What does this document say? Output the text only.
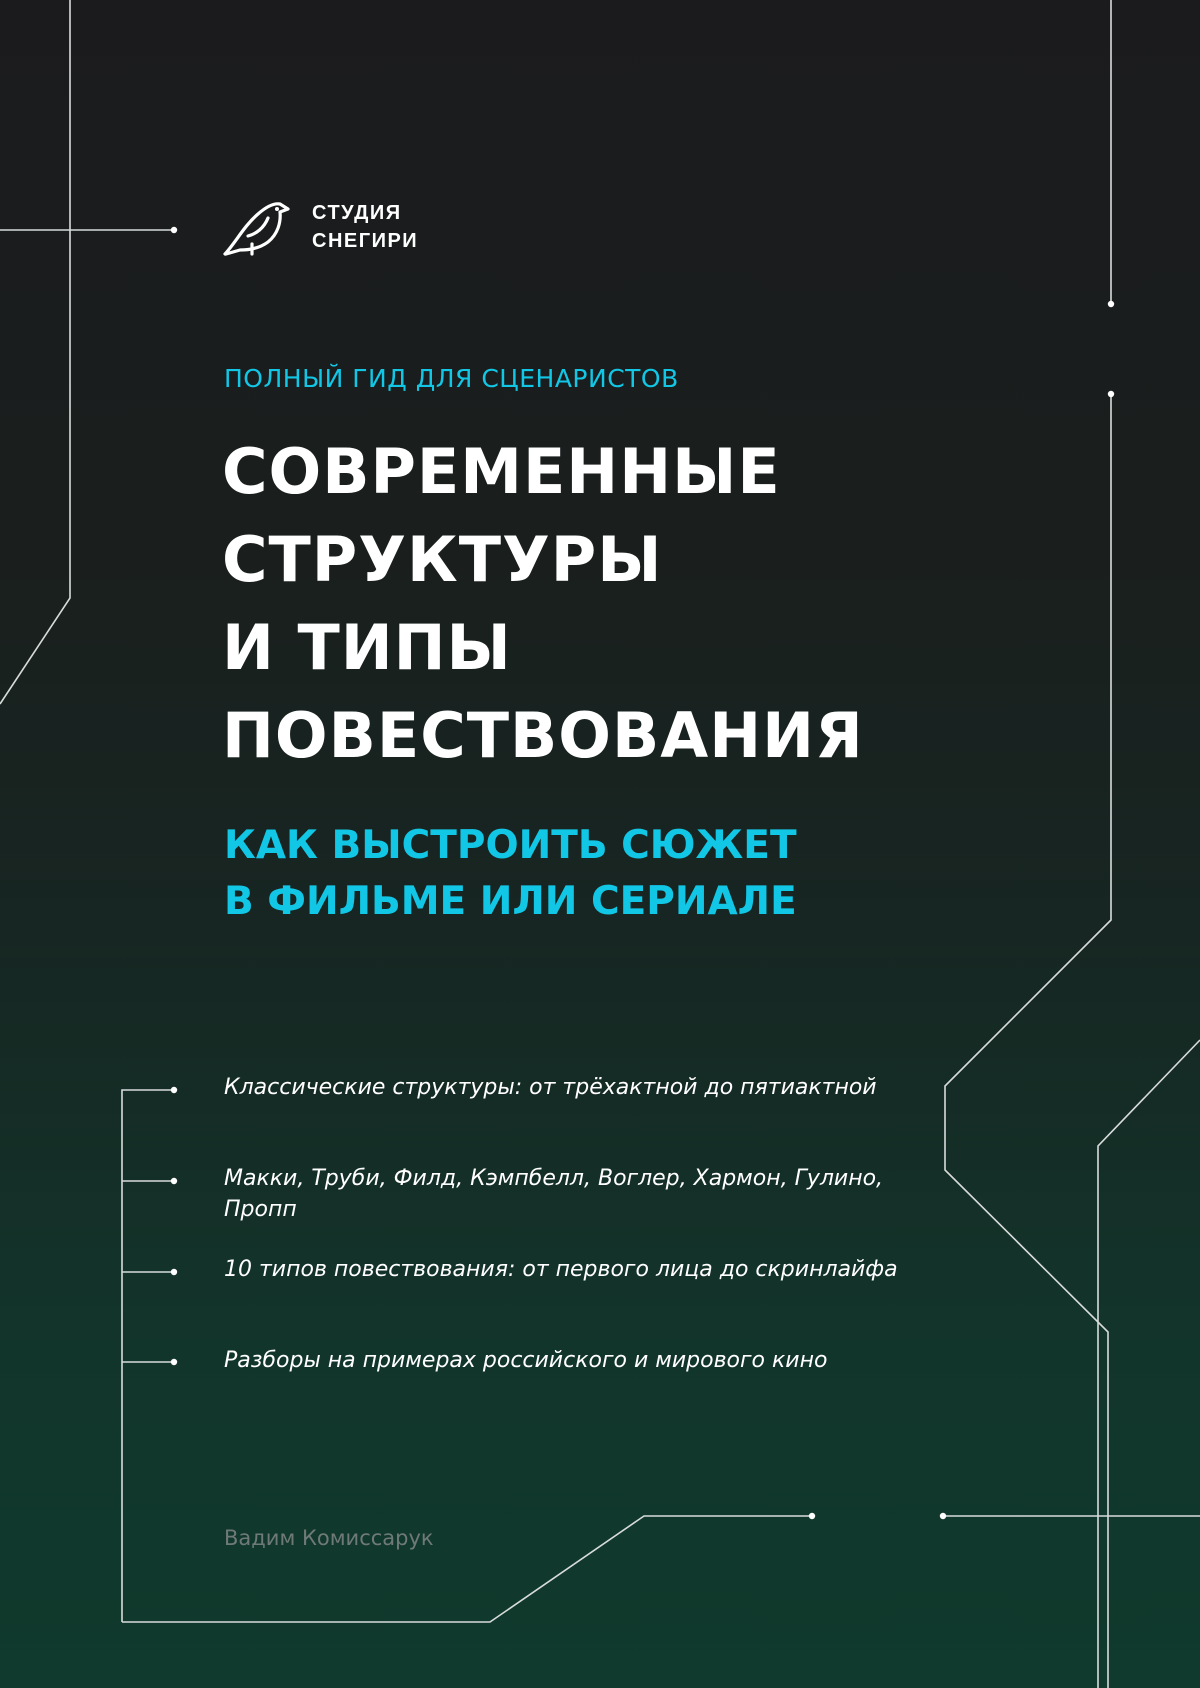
СТУДИЯ
СНЕГИРИ
ПОЛНЫЙ ГИД ДЛЯ СЦЕНАРИСТОВ
СОВРЕМЕННЫЕ
СТРУКТУРЫ
И ТИПЫ
ПОВЕСТВОВАНИЯ
КАК ВЫСТРОИТЬ СЮЖЕТ
В ФИЛЬМЕ ИЛИ СЕРИАЛЕ
Классические структуры: от трёхактной до пятиактной
Макки, Труби, Филд, Кэмпбелл, Воглер, Хармон, Гулино, Пропп
10 типов повествования: от первого лица до скринлайфа
Разборы на примерах российского и мирового кино
Вадим Комиссарук
